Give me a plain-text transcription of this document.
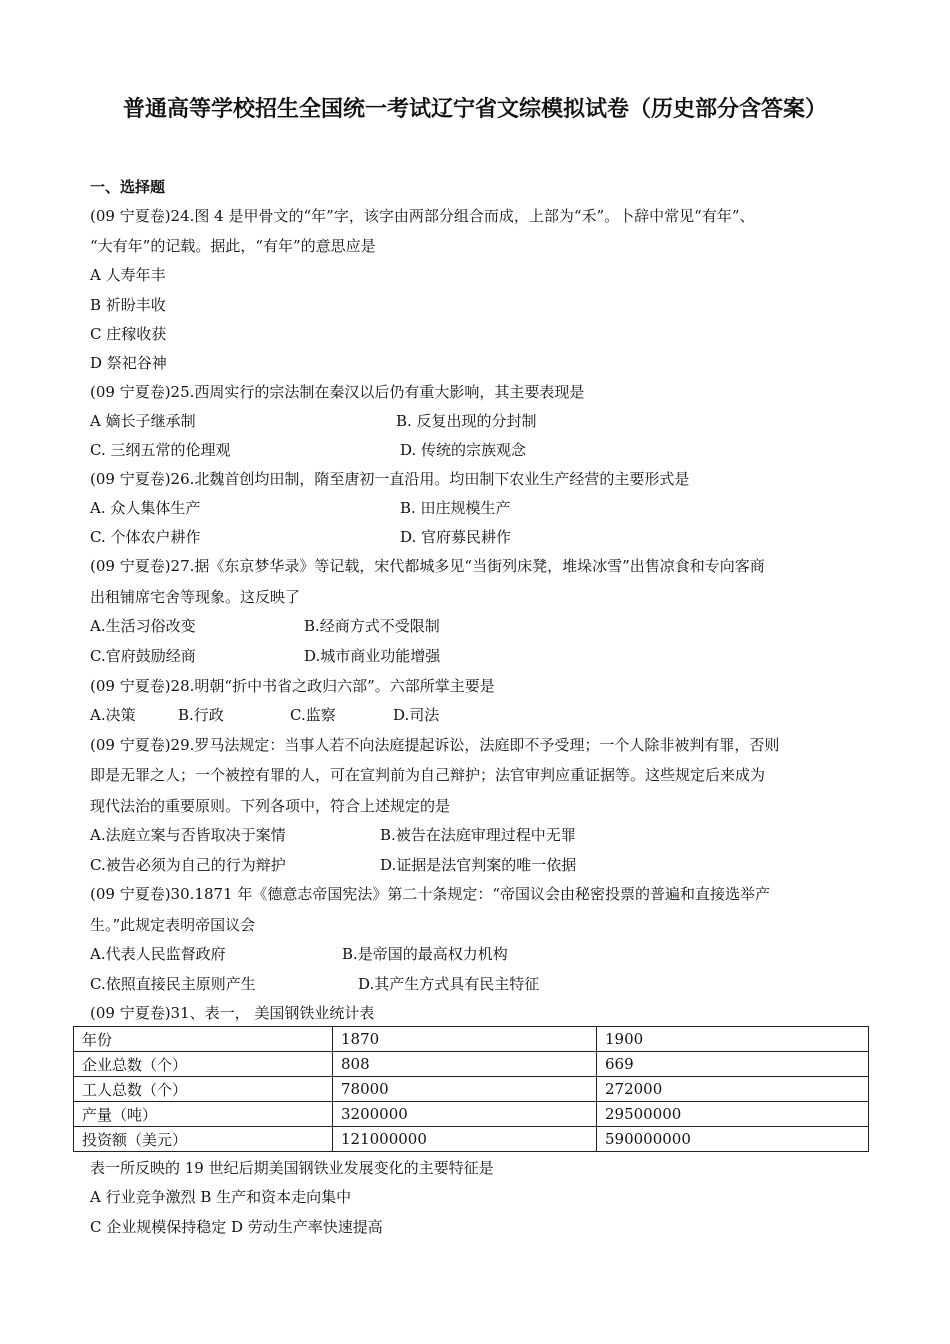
普通高等学校招生全国统一考试辽宁省文综模拟试卷（历史部分含答案）
一、选择题
(09 宁夏卷)24.图 4 是甲骨文的“年”字，该字由两部分组合而成，上部为“禾”。卜辞中常见“有年”、
“大有年”的记载。据此，“有年”的意思应是
A 人寿年丰
B 祈盼丰收
C 庄稼收获
D 祭祀谷神
(09 宁夏卷)25.西周实行的宗法制在秦汉以后仍有重大影响，其主要表现是
A 嫡长子继承制	B. 反复出现的分封制
C. 三纲五常的伦理观	D. 传统的宗族观念
(09 宁夏卷)26.北魏首创均田制，隋至唐初一直沿用。均田制下农业生产经营的主要形式是
A. 众人集体生产	B. 田庄规模生产
C. 个体农户耕作	D. 官府募民耕作
(09 宁夏卷)27.据《东京梦华录》等记载，宋代都城多见“当街列床凳，堆垛冰雪”出售凉食和专向客商
出租铺席宅舍等现象。这反映了
A.生活习俗改变	B.经商方式不受限制
C.官府鼓励经商	D.城市商业功能增强
(09 宁夏卷)28.明朝“折中书省之政归六部”。六部所掌主要是
A.决策	B.行政	C.监察	D.司法
(09 宁夏卷)29.罗马法规定：当事人若不向法庭提起诉讼，法庭即不予受理；一个人除非被判有罪，否则
即是无罪之人；一个被控有罪的人，可在宣判前为自己辩护；法官审判应重证据等。这些规定后来成为
现代法治的重要原则。下列各项中，符合上述规定的是
A.法庭立案与否皆取决于案情	B.被告在法庭审理过程中无罪
C.被告必须为自己的行为辩护	D.证据是法官判案的唯一依据
(09 宁夏卷)30.1871 年《德意志帝国宪法》第二十条规定：“帝国议会由秘密投票的普遍和直接选举产
生。”此规定表明帝国议会
A.代表人民监督政府	B.是帝国的最高权力机构
C.依照直接民主原则产生	D.其产生方式具有民主特征
(09 宁夏卷)31、表一， 美国钢铁业统计表
年份	1870	1900
企业总数（个）	808	669
工人总数（个）	78000	272000
产量（吨）	3200000	29500000
投资额（美元）	121000000	590000000
表一所反映的 19 世纪后期美国钢铁业发展变化的主要特征是
A 行业竞争激烈 B 生产和资本走向集中
C 企业规模保持稳定 D 劳动生产率快速提高
